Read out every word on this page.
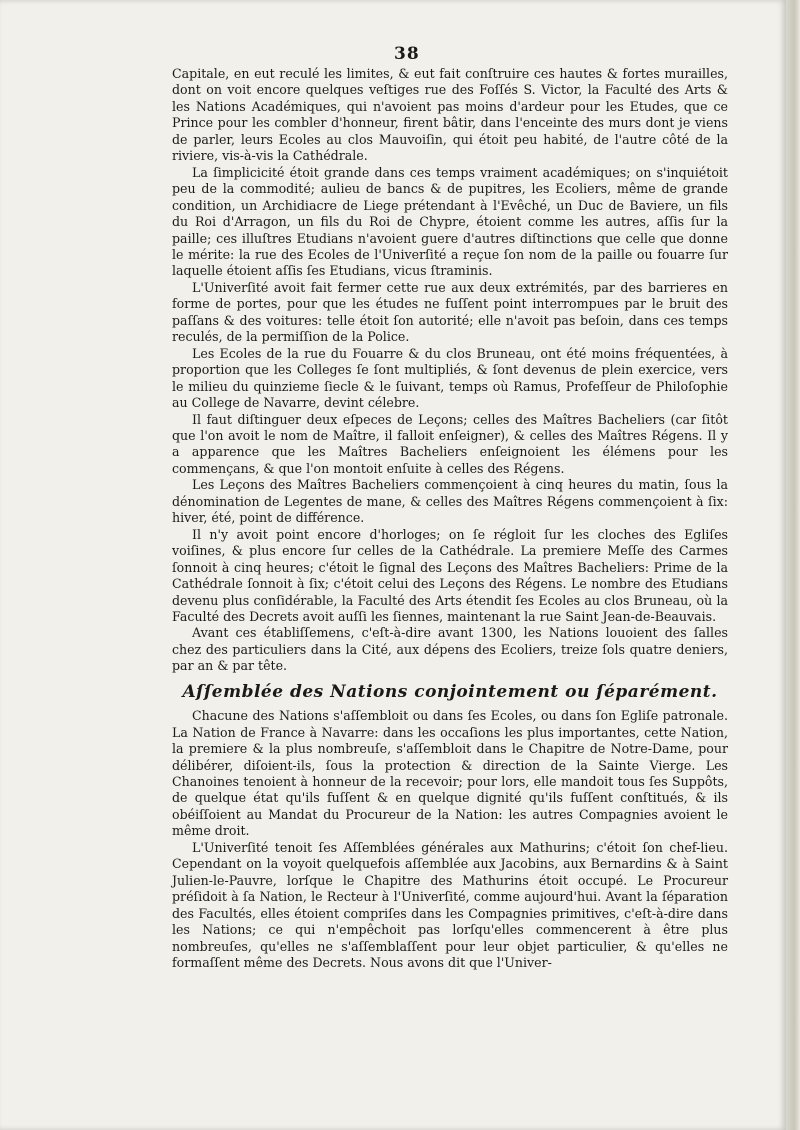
38

Capitale, en eut reculé les limites, & eut fait conſtruire ces hautes & fortes murailles, dont on voit encore quelques veſtiges rue des Foſſés S. Victor, la Faculté des Arts & les Nations Académiques, qui n'avoient pas moins d'ardeur pour les Etudes, que ce Prince pour les combler d'honneur, firent bâtir, dans l'enceinte des murs dont je viens de parler, leurs Ecoles au clos Mauvoiſin, qui étoit peu habité, de l'autre côté de la riviere, vis-à-vis la Cathédrale.

La ſimplicicité étoit grande dans ces temps vraiment académiques; on s'inquiétoit peu de la commodité; aulieu de bancs & de pupitres, les Ecoliers, même de grande condition, un Archidiacre de Liege prétendant à l'Evêché, un Duc de Baviere, un fils du Roi d'Arragon, un fils du Roi de Chypre, étoient comme les autres, aſſis ſur la paille; ces illuſtres Etudians n'avoient guere d'autres diſtinctions que celle que donne le mérite: la rue des Ecoles de l'Univerſité a reçue ſon nom de la paille ou fouarre ſur laquelle étoient aſſis ſes Etudians, vicus ſtraminis.

L'Univerſité avoit fait fermer cette rue aux deux extrémités, par des barrieres en forme de portes, pour que les études ne fuſſent point interrompues par le bruit des paſſans & des voitures: telle étoit ſon autorité; elle n'avoit pas beſoin, dans ces temps reculés, de la permiſſion de la Police.

Les Ecoles de la rue du Fouarre & du clos Bruneau, ont été moins fréquentées, à proportion que les Colleges ſe ſont multipliés, & ſont devenus de plein exercice, vers le milieu du quinzieme ſiecle & le ſuivant, temps où Ramus, Profeſſeur de Philoſophie au College de Navarre, devint célebre.

Il faut diſtinguer deux eſpeces de Leçons; celles des Maîtres Bacheliers (car ſitôt que l'on avoit le nom de Maître, il falloit enſeigner), & celles des Maîtres Régens. Il y a apparence que les Maîtres Bacheliers enſeignoient les élémens pour les commençans, & que l'on montoit enſuite à celles des Régens.

Les Leçons des Maîtres Bacheliers commençoient à cinq heures du matin, ſous la dénomination de Legentes de mane, & celles des Maîtres Régens commençoient à ſix: hiver, été, point de différence.

Il n'y avoit point encore d'horloges; on ſe régloit ſur les cloches des Egliſes voiſines, & plus encore ſur celles de la Cathédrale. La premiere Meſſe des Carmes ſonnoit à cinq heures; c'étoit le ſignal des Leçons des Maîtres Bacheliers: Prime de la Cathédrale ſonnoit à ſix; c'étoit celui des Leçons des Régens. Le nombre des Etudians devenu plus conſidérable, la Faculté des Arts étendit ſes Ecoles au clos Bruneau, où la Faculté des Decrets avoit auſſi les ſiennes, maintenant la rue Saint Jean-de-Beauvais.

Avant ces établiſſemens, c'eſt-à-dire avant 1300, les Nations louoient des ſalles chez des particuliers dans la Cité, aux dépens des Ecoliers, treize ſols quatre deniers, par an & par tête.

Aſſemblée des Nations conjointement ou ſéparément.

Chacune des Nations s'aſſembloit ou dans ſes Ecoles, ou dans ſon Egliſe patronale. La Nation de France à Navarre: dans les occaſions les plus importantes, cette Nation, la premiere & la plus nombreuſe, s'aſſembloit dans le Chapitre de Notre-Dame, pour délibérer, diſoient-ils, ſous la protection & direction de la Sainte Vierge. Les Chanoines tenoient à honneur de la recevoir; pour lors, elle mandoit tous ſes Suppôts, de quelque état qu'ils fuſſent & en quelque dignité qu'ils fuſſent conſtitués, & ils obéiſſoient au Mandat du Procureur de la Nation: les autres Compagnies avoient le même droit.

L'Univerſité tenoit ſes Aſſemblées générales aux Mathurins; c'étoit ſon chef-lieu. Cependant on la voyoit quelquefois aſſemblée aux Jacobins, aux Bernardins & à Saint Julien-le-Pauvre, lorſque le Chapitre des Mathurins étoit occupé. Le Procureur préſidoit à ſa Nation, le Recteur à l'Univerſité, comme aujourd'hui. Avant la ſéparation des Facultés, elles étoient compriſes dans les Compagnies primitives, c'eſt-à-dire dans les Nations; ce qui n'empêchoit pas lorſqu'elles commencerent à être plus nombreuſes, qu'elles ne s'aſſemblaſſent pour leur objet particulier, & qu'elles ne formaſſent même des Decrets. Nous avons dit que l'Univer-
